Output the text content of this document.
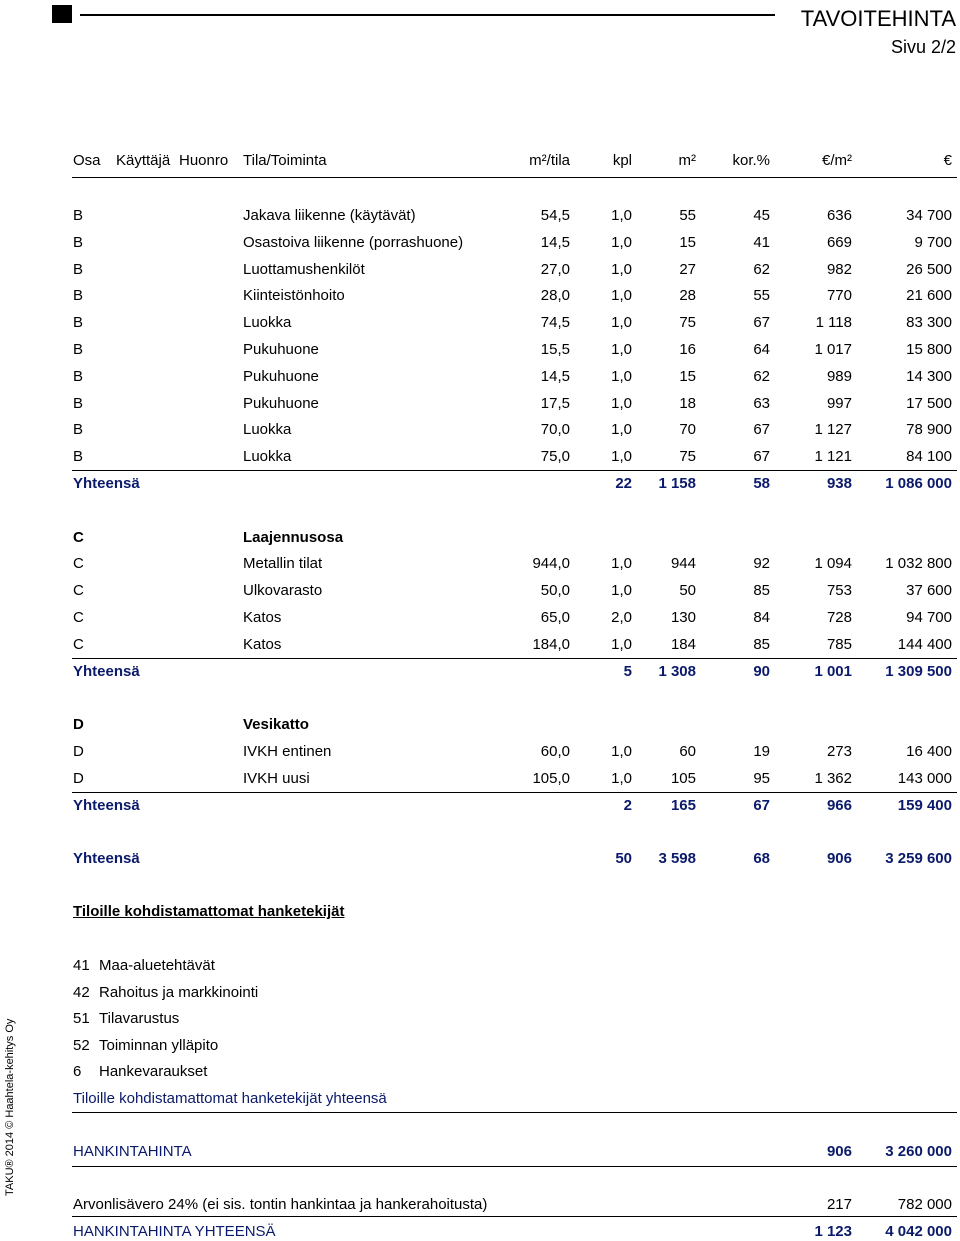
TAVOITEHINTA
Sivu 2/2
Osa Käyttäjä Huonro Tila/Toiminta	m²/tila	kpl	m²	kor.%	€/m²	€
B	Jakava liikenne (käytävät)	54,5	1,0	55	45	636	34 700
B	Osastoiva liikenne (porrashuone)	14,5	1,0	15	41	669	9 700
B	Luottamushenkilöt	27,0	1,0	27	62	982	26 500
B	Kiinteistönhoito	28,0	1,0	28	55	770	21 600
B	Luokka	74,5	1,0	75	67	1 118	83 300
B	Pukuhuone	15,5	1,0	16	64	1 017	15 800
B	Pukuhuone	14,5	1,0	15	62	989	14 300
B	Pukuhuone	17,5	1,0	18	63	997	17 500
B	Luokka	70,0	1,0	70	67	1 127	78 900
B	Luokka	75,0	1,0	75	67	1 121	84 100
Yhteensä	22	1 158	58	938	1 086 000
C	Laajennusosa
C	Metallin tilat	944,0	1,0	944	92	1 094	1 032 800
C	Ulkovarasto	50,0	1,0	50	85	753	37 600
C	Katos	65,0	2,0	130	84	728	94 700
C	Katos	184,0	1,0	184	85	785	144 400
Yhteensä	5	1 308	90	1 001	1 309 500
D	Vesikatto
D	IVKH entinen	60,0	1,0	60	19	273	16 400
D	IVKH uusi	105,0	1,0	105	95	1 362	143 000
Yhteensä	2	165	67	966	159 400
Yhteensä	50	3 598	68	906	3 259 600
Tiloille kohdistamattomat hanketekijät
41 Maa-aluetehtävät
42 Rahoitus ja markkinointi
51 Tilavarustus
52 Toiminnan ylläpito
6 Hankevaraukset
Tiloille kohdistamattomat hanketekijät yhteensä
HANKINTAHINTA	906	3 260 000
Arvonlisävero 24% (ei sis. tontin hankintaa ja hankerahoitusta)	217	782 000
HANKINTAHINTA YHTEENSÄ	1 123	4 042 000
TAKU® 2014 © Haahtela-kehitys Oy
